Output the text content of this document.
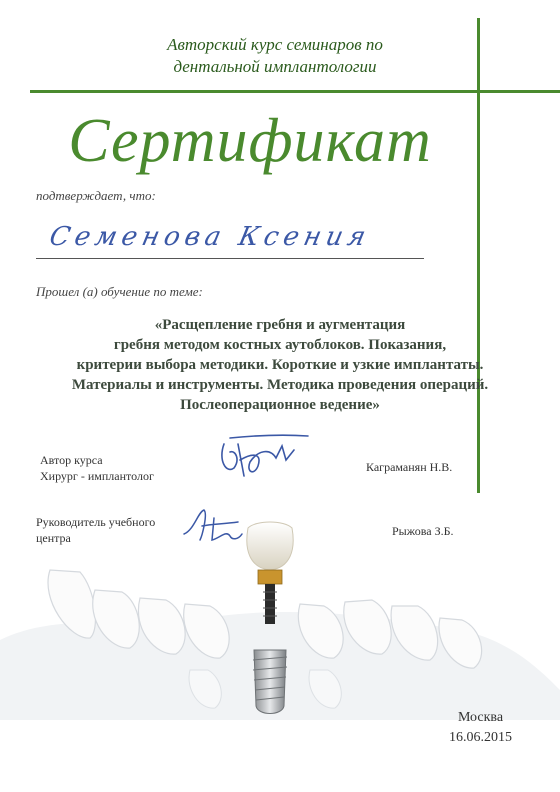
Авторский курс семинаров по
дентальной имплантологии
Сертификат
подтверждает, что:
Семенова Ксения
Прошел (а) обучение по теме:
«Расщепление гребня и аугментация
гребня методом костных аутоблоков. Показания,
критерии выбора методики. Короткие и узкие имплантаты.
Материалы и инструменты. Методика проведения операций.
Послеоперационное ведение»
Автор курса
Хирург - имплантолог
Каграманян Н.В.
Руководитель учебного
центра	Рыжова З.Б.
Москва
16.06.2015
